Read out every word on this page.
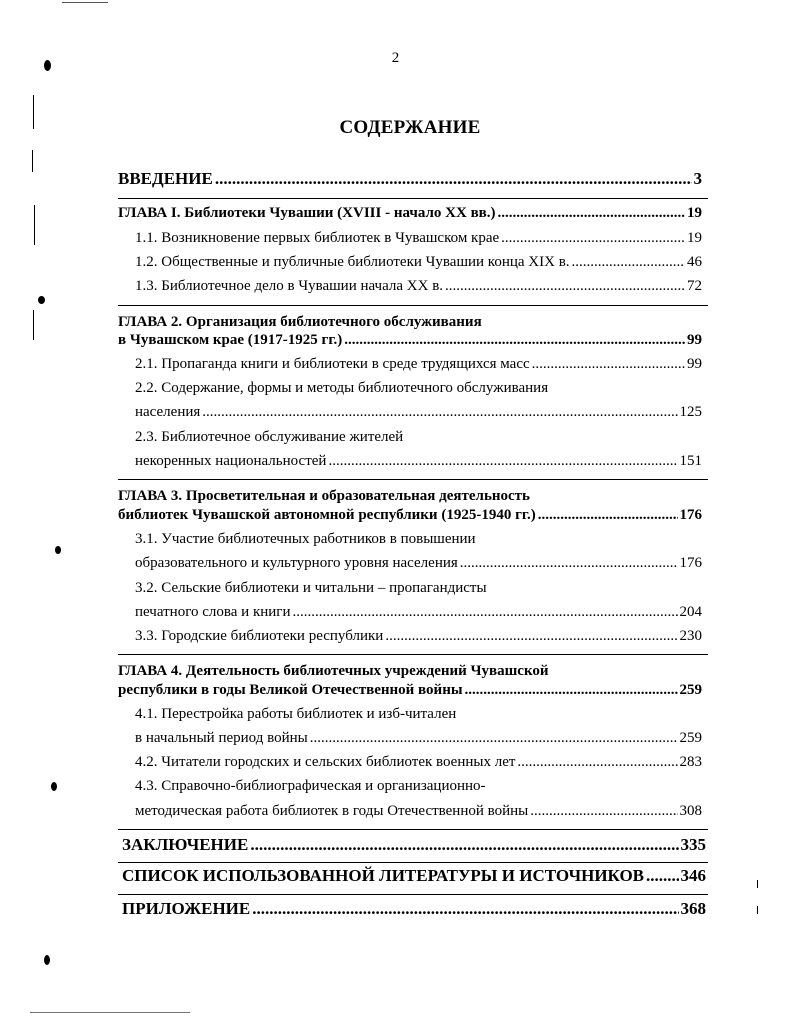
2
СОДЕРЖАНИЕ
ВВЕДЕНИЕ .....	3
ГЛАВА I. Библиотеки Чувашии (XVIII - начало XX вв.) .....	19
1.1. Возникновение первых библиотек в Чувашском крае .....	19
1.2. Общественные и публичные библиотеки Чувашии конца XIX в. .....	46
1.3. Библиотечное дело в Чувашии начала XX в. .....	72
ГЛАВА 2. Организация библиотечного обслуживания
в Чувашском крае (1917-1925 гг.) .....	99
2.1. Пропаганда книги и библиотеки в среде трудящихся масс .....	99
2.2. Содержание, формы и методы библиотечного обслуживания
населения .....	125
2.3. Библиотечное обслуживание жителей
некоренных национальностей .....	151
ГЛАВА 3. Просветительная и образовательная деятельность
библиотек Чувашской автономной республики (1925-1940 гг.) .....	176
3.1. Участие библиотечных работников в повышении
образовательного и культурного уровня населения .....	176
3.2. Сельские библиотеки и читальни – пропагандисты
печатного слова и книги .....	204
3.3. Городские библиотеки республики .....	230
ГЛАВА 4. Деятельность библиотечных учреждений Чувашской
республики в годы Великой Отечественной войны .....	259
4.1. Перестройка работы библиотек и изб-читален
в начальный период войны .....	259
4.2. Читатели городских и сельских библиотек военных лет .....	283
4.3. Справочно-библиографическая и организационно-
методическая работа библиотек в годы Отечественной войны .....	308
ЗАКЛЮЧЕНИЕ .....	335
СПИСОК ИСПОЛЬЗОВАННОЙ ЛИТЕРАТУРЫ И ИСТОЧНИКОВ ..... 346
ПРИЛОЖЕНИЕ .....	368
